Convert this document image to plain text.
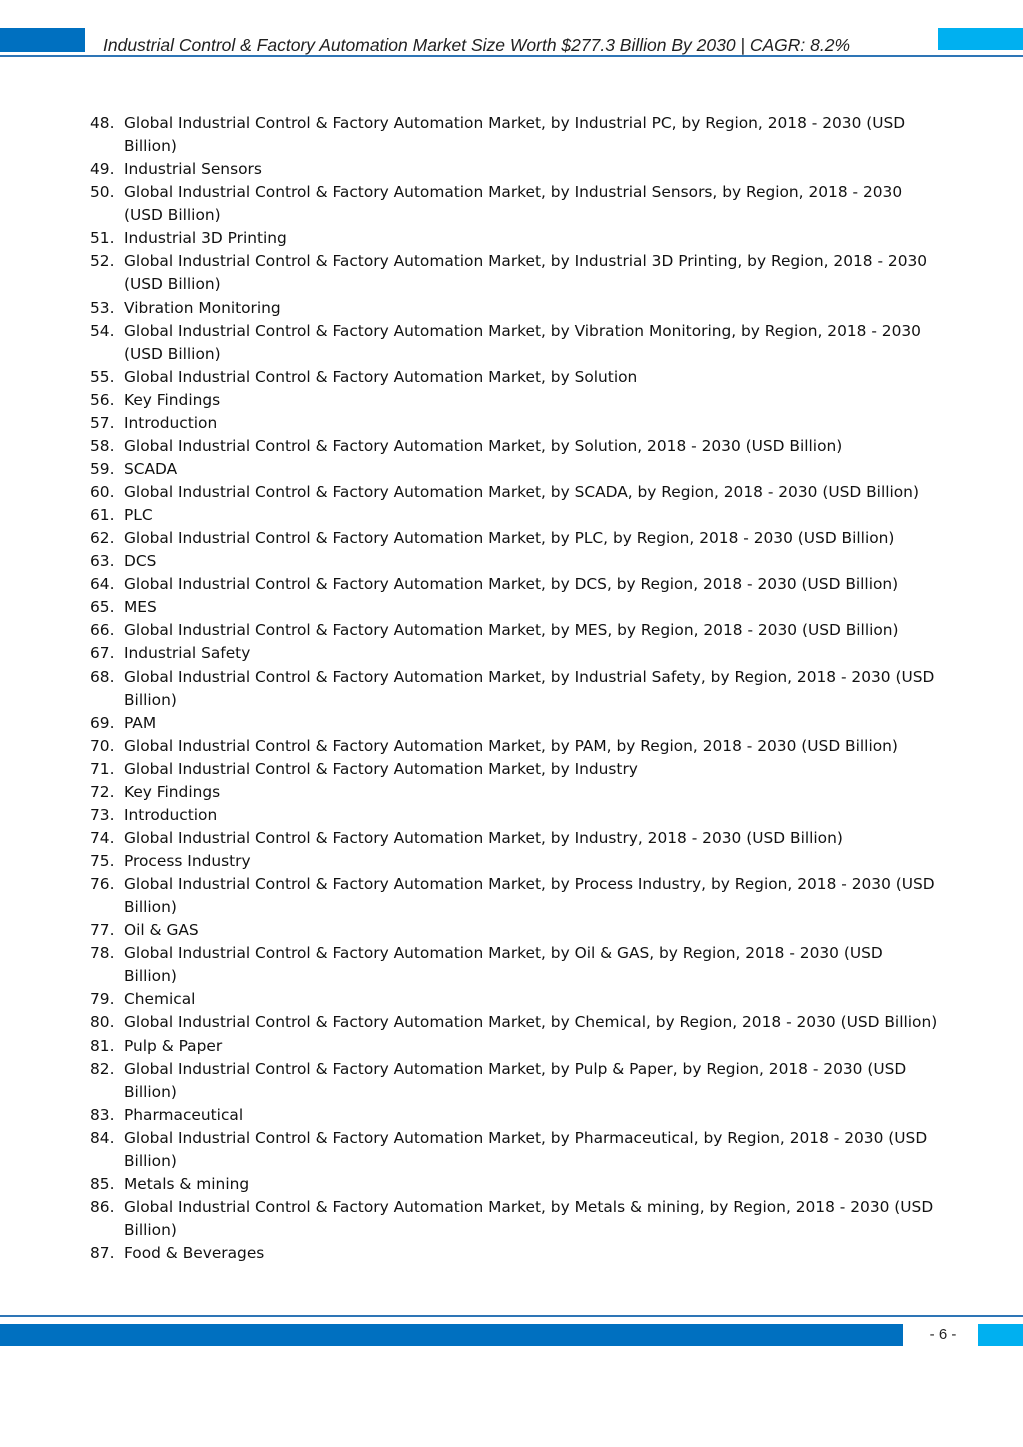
Industrial Control & Factory Automation Market Size Worth $277.3 Billion By 2030 | CAGR: 8.2%
48. Global Industrial Control & Factory Automation Market, by Industrial PC, by Region, 2018 - 2030 (USD Billion)
49. Industrial Sensors
50. Global Industrial Control & Factory Automation Market, by Industrial Sensors, by Region, 2018 - 2030 (USD Billion)
51. Industrial 3D Printing
52. Global Industrial Control & Factory Automation Market, by Industrial 3D Printing, by Region, 2018 - 2030 (USD Billion)
53. Vibration Monitoring
54. Global Industrial Control & Factory Automation Market, by Vibration Monitoring, by Region, 2018 - 2030 (USD Billion)
55. Global Industrial Control & Factory Automation Market, by Solution
56. Key Findings
57. Introduction
58. Global Industrial Control & Factory Automation Market, by Solution, 2018 - 2030 (USD Billion)
59. SCADA
60. Global Industrial Control & Factory Automation Market, by SCADA, by Region, 2018 - 2030 (USD Billion)
61. PLC
62. Global Industrial Control & Factory Automation Market, by PLC, by Region, 2018 - 2030 (USD Billion)
63. DCS
64. Global Industrial Control & Factory Automation Market, by DCS, by Region, 2018 - 2030 (USD Billion)
65. MES
66. Global Industrial Control & Factory Automation Market, by MES, by Region, 2018 - 2030 (USD Billion)
67. Industrial Safety
68. Global Industrial Control & Factory Automation Market, by Industrial Safety, by Region, 2018 - 2030 (USD Billion)
69. PAM
70. Global Industrial Control & Factory Automation Market, by PAM, by Region, 2018 - 2030 (USD Billion)
71. Global Industrial Control & Factory Automation Market, by Industry
72. Key Findings
73. Introduction
74. Global Industrial Control & Factory Automation Market, by Industry, 2018 - 2030 (USD Billion)
75. Process Industry
76. Global Industrial Control & Factory Automation Market, by Process Industry, by Region, 2018 - 2030 (USD Billion)
77. Oil & GAS
78. Global Industrial Control & Factory Automation Market, by Oil & GAS, by Region, 2018 - 2030 (USD Billion)
79. Chemical
80. Global Industrial Control & Factory Automation Market, by Chemical, by Region, 2018 - 2030 (USD Billion)
81. Pulp & Paper
82. Global Industrial Control & Factory Automation Market, by Pulp & Paper, by Region, 2018 - 2030 (USD Billion)
83. Pharmaceutical
84. Global Industrial Control & Factory Automation Market, by Pharmaceutical, by Region, 2018 - 2030 (USD Billion)
85. Metals & mining
86. Global Industrial Control & Factory Automation Market, by Metals & mining, by Region, 2018 - 2030 (USD Billion)
87. Food & Beverages
- 6 -
